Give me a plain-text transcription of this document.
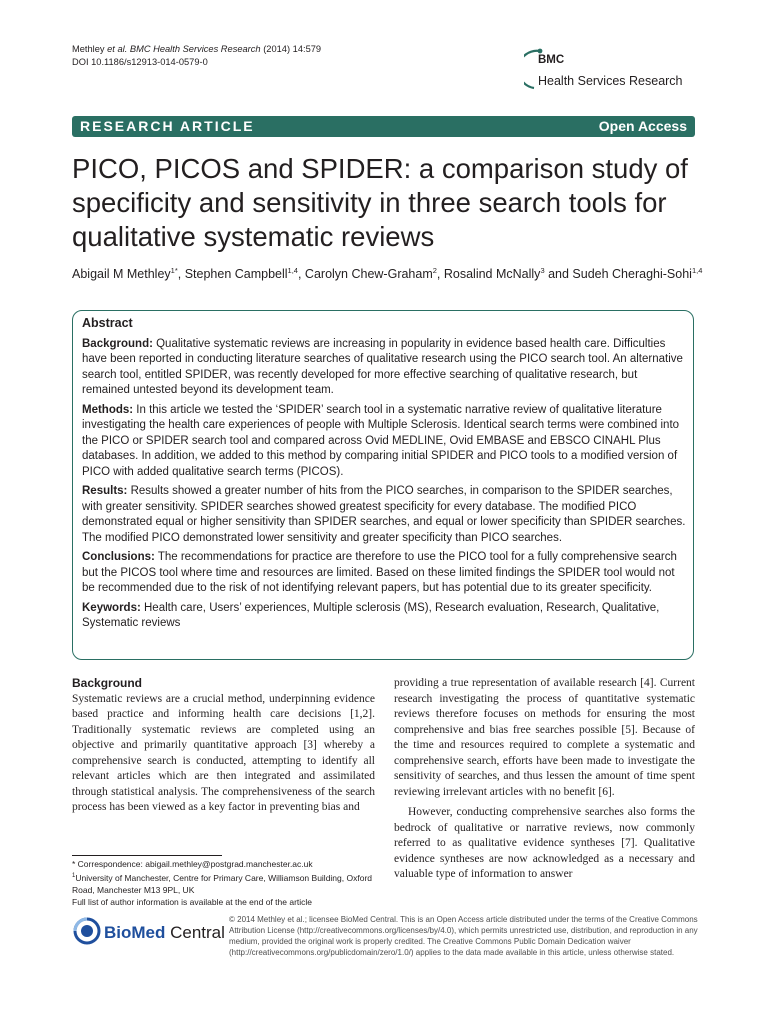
Methley et al. BMC Health Services Research (2014) 14:579
DOI 10.1186/s12913-014-0579-0	BMC
Health Services Research
RESEARCH ARTICLE	Open Access
PICO, PICOS and SPIDER: a comparison study of
specificity and sensitivity in three search tools for
qualitative systematic reviews
Abigail M Methley$^{1*}$, Stephen Campbell$^{1,4}$, Carolyn Chew-Graham$^2$, Rosalind McNally$^3$ and Sudeh Cheraghi-Sohi$^{1,4}$
Abstract

Background: Qualitative systematic reviews are increasing in popularity in evidence based health care. Difficulties have been reported in conducting literature searches of qualitative research using the PICO search tool. An alternative search tool, entitled SPIDER, was recently developed for more effective searching of qualitative research, but remained untested beyond its development team.

Methods: In this article we tested the ‘SPIDER’ search tool in a systematic narrative review of qualitative literature investigating the health care experiences of people with Multiple Sclerosis. Identical search terms were combined into the PICO or SPIDER search tool and compared across Ovid MEDLINE, Ovid EMBASE and EBSCO CINAHL Plus databases. In addition, we added to this method by comparing initial SPIDER and PICO tools to a modified version of PICO with added qualitative search terms (PICOS).

Results: Results showed a greater number of hits from the PICO searches, in comparison to the SPIDER searches, with greater sensitivity. SPIDER searches showed greatest specificity for every database. The modified PICO demonstrated equal or higher sensitivity than SPIDER searches, and equal or lower specificity than SPIDER searches. The modified PICO demonstrated lower sensitivity and greater specificity than PICO searches.

Conclusions: The recommendations for practice are therefore to use the PICO tool for a fully comprehensive search but the PICOS tool where time and resources are limited. Based on these limited findings the SPIDER tool would not be recommended due to the risk of not identifying relevant papers, but has potential due to its greater specificity.

Keywords: Health care, Users’ experiences, Multiple sclerosis (MS), Research evaluation, Research, Qualitative, Systematic reviews

Background

Systematic reviews are a crucial method, underpinning evidence based practice and informing health care decisions [1,2]. Traditionally systematic reviews are completed using an objective and primarily quantitative approach [3] whereby a comprehensive search is conducted, attempting to identify all relevant articles which are then integrated and assimilated through statistical analysis. The comprehensiveness of the search process has been viewed as a key factor in preventing bias and

providing a true representation of available research [4]. Current research investigating the process of quantitative systematic reviews therefore focuses on methods for ensuring the most comprehensive and bias free searches possible [5]. Because of the time and resources required to complete a systematic and comprehensive search, efforts have been made to investigate the sensitivity of searches, and thus lessen the amount of time spent reviewing irrelevant articles with no benefit [6].

However, conducting comprehensive searches also forms the bedrock of qualitative or narrative reviews, now commonly referred to as qualitative evidence syntheses [7]. Qualitative evidence syntheses are now acknowledged as a necessary and valuable type of information to answer

* Correspondence: abigail.methley@postgrad.manchester.ac.uk

$^1$University of Manchester, Centre for Primary Care, Williamson Building, Oxford Road, Manchester M13 9PL, UK

Full list of author information is available at the end of the article

BioMed Central
© 2014 Methley et al.; licensee BioMed Central. This is an Open Access article distributed under the terms of the Creative Commons Attribution License (http://creativecommons.org/licenses/by/4.0), which permits unrestricted use, distribution, and reproduction in any medium, provided the original work is properly credited. The Creative Commons Public Domain Dedication waiver (http://creativecommons.org/publicdomain/zero/1.0/) applies to the data made available in this article, unless otherwise stated.
